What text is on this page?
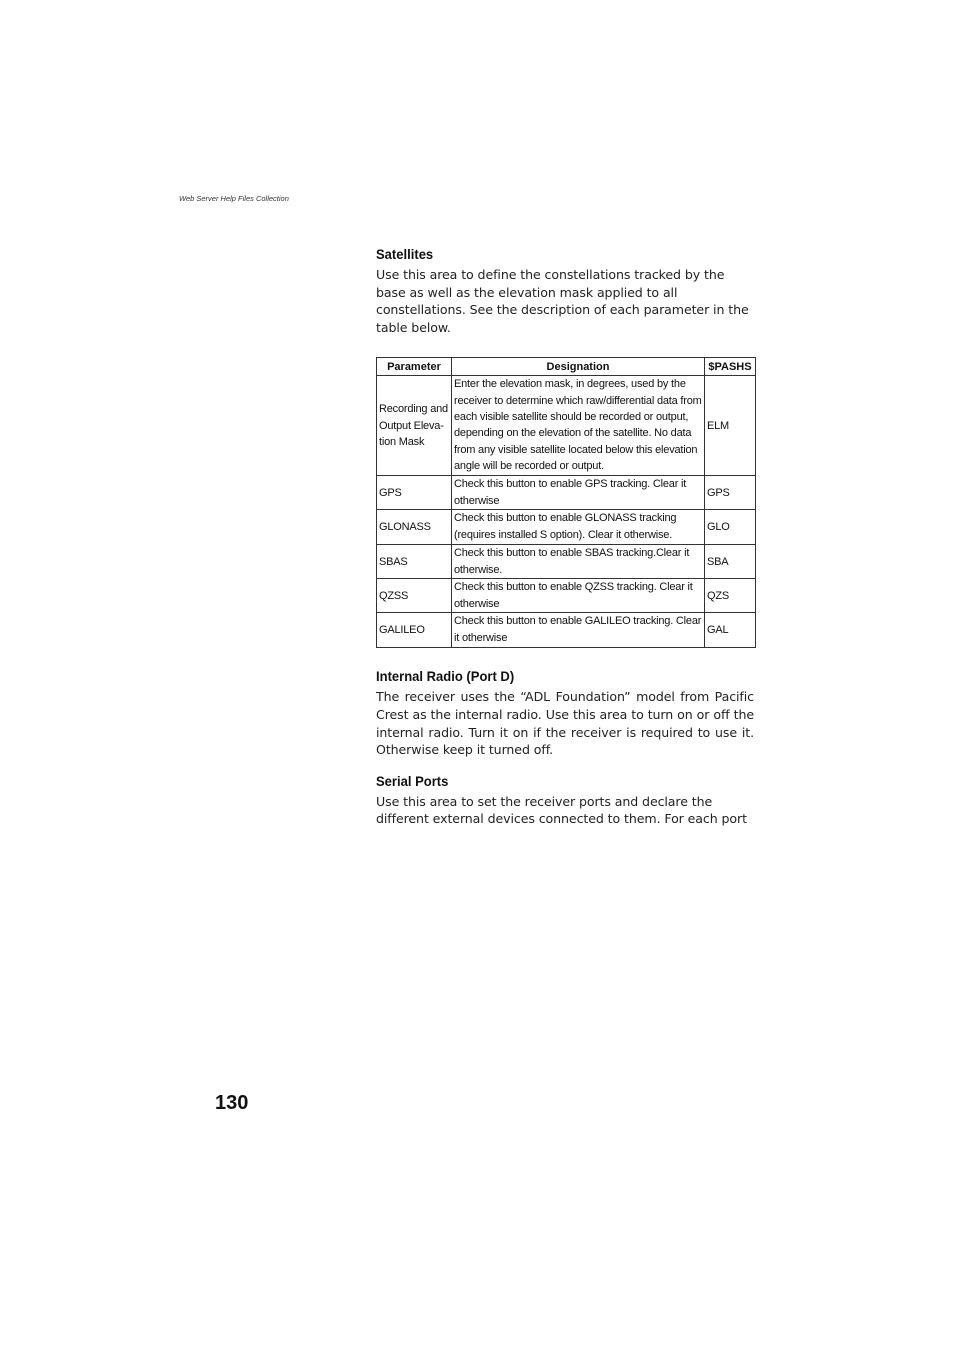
Web Server Help Files Collection
Satellites

Use this area to define the constellations tracked by the base as well as the elevation mask applied to all constellations. See the description of each parameter in the table below.

Parameter	Designation	$PASHS
Recording and Output Eleva-tion Mask	Enter the elevation mask, in degrees, used by the receiver to determine which raw/differential data from each visible satellite should be recorded or output, depending on the elevation of the satellite. No data from any visible satellite located below this elevation angle will be recorded or output.	ELM
GPS	Check this button to enable GPS tracking. Clear it otherwise	GPS
GLONASS	Check this button to enable GLONASS tracking (requires installed S option). Clear it otherwise.	GLO
SBAS	Check this button to enable SBAS tracking.Clear it otherwise.	SBA
QZSS	Check this button to enable QZSS tracking. Clear it otherwise	QZS
GALILEO	Check this button to enable GALILEO tracking. Clear it otherwise	GAL
Internal Radio (Port D)

The receiver uses the “ADL Foundation” model from Pacific Crest as the internal radio. Use this area to turn on or off the internal radio. Turn it on if the receiver is required to use it. Otherwise keep it turned off.

Serial Ports

Use this area to set the receiver ports and declare the different external devices connected to them. For each port

130
